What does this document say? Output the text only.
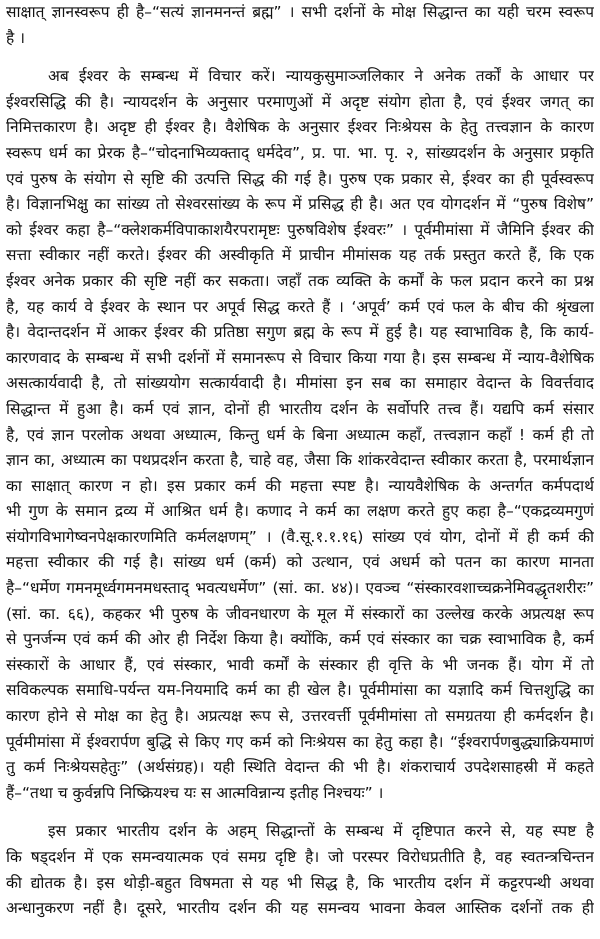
साक्षात् ज्ञानस्वरूप ही है–“सत्यं ज्ञानमनन्तं ब्रह्म” । सभी दर्शनों के मोक्ष सिद्धान्त का यही चरम स्वरूप
है ।
अब ईश्वर के सम्बन्ध में विचार करें। न्यायकुसुमाञ्जलिकार ने अनेक तर्कों के आधार पर
ईश्वरसिद्धि की है। न्यायदर्शन के अनुसार परमाणुओं में अदृष्ट संयोग होता है, एवं ईश्वर जगत् का
निमित्तकारण है। अदृष्ट ही ईश्वर है। वैशेषिक के अनुसार ईश्वर निःश्रेयस के हेतु तत्त्वज्ञान के कारण
स्वरूप धर्म का प्रेरक है–“चोदनाभिव्यक्ताद् धर्मदेव”, प्र. पा. भा. पृ. २, सांख्यदर्शन के अनुसार प्रकृति
एवं पुरुष के संयोग से सृष्टि की उत्पत्ति सिद्ध की गई है। पुरुष एक प्रकार से, ईश्वर का ही पूर्वस्वरूप
है। विज्ञानभिक्षु का सांख्य तो सेश्वरसांख्य के रूप में प्रसिद्ध ही है। अत एव योगदर्शन में “पुरुष विशेष”
को ईश्वर कहा है–“क्लेशकर्मविपाकाशयैरपरामृष्टः पुरुषविशेष ईश्वरः” । पूर्वमीमांसा में जैमिनि ईश्वर की
सत्ता स्वीकार नहीं करते। ईश्वर की अस्वीकृति में प्राचीन मीमांसक यह तर्क प्रस्तुत करते हैं, कि एक
ईश्वर अनेक प्रकार की सृष्टि नहीं कर सकता। जहाँ तक व्यक्ति के कर्मों के फल प्रदान करने का प्रश्न
है, यह कार्य वे ईश्वर के स्थान पर अपूर्व सिद्ध करते हैं । ‘अपूर्व’ कर्म एवं फल के बीच की श्रृंखला
है। वेदान्तदर्शन में आकर ईश्वर की प्रतिष्ठा सगुण ब्रह्म के रूप में हुई है। यह स्वाभाविक है, कि कार्य-
कारणवाद के सम्बन्ध में सभी दर्शनों में समानरूप से विचार किया गया है। इस सम्बन्ध में न्याय-वैशेषिक
असत्कार्यवादी है, तो सांख्ययोग सत्कार्यवादी है। मीमांसा इन सब का समाहार वेदान्त के विवर्त्तवाद
सिद्धान्त में हुआ है। कर्म एवं ज्ञान, दोनों ही भारतीय दर्शन के सर्वोपरि तत्त्व हैं। यद्यपि कर्म संसार
है, एवं ज्ञान परलोक अथवा अध्यात्म, किन्तु धर्म के बिना अध्यात्म कहाँ, तत्त्वज्ञान कहाँ ! कर्म ही तो
ज्ञान का, अध्यात्म का पथप्रदर्शन करता है, चाहे वह, जैसा कि शांकरवेदान्त स्वीकार करता है, परमार्थज्ञान
का साक्षात् कारण न हो। इस प्रकार कर्म की महत्ता स्पष्ट है। न्यायवैशेषिक के अन्तर्गत कर्मपदार्थ
भी गुण के समान द्रव्य में आश्रित धर्म है। कणाद ने कर्म का लक्षण करते हुए कहा है–“एकद्रव्यमगुणं
संयोगविभागेष्वनपेक्षकारणमिति कर्मलक्षणम्” । (वै.सू.१.१.१६) सांख्य एवं योग, दोनों में ही कर्म की
महत्ता स्वीकार की गई है। सांख्य धर्म (कर्म) को उत्थान, एवं अधर्म को पतन का कारण मानता
है–“धर्मेण गमनमूर्ध्वगमनमधस्ताद् भवत्यधर्मेण” (सां. का. ४४)। एवञ्च “संस्कारवशाच्चक्रनेमिवद्धृतशरीरः”
(सां. का. ६६), कहकर भी पुरुष के जीवनधारण के मूल में संस्कारों का उल्लेख करके अप्रत्यक्ष रूप
से पुनर्जन्म एवं कर्म की ओर ही निर्देश किया है। क्योंकि, कर्म एवं संस्कार का चक्र स्वाभाविक है, कर्म
संस्कारों के आधार हैं, एवं संस्कार, भावी कर्मों के संस्कार ही वृत्ति के भी जनक हैं। योग में तो
सविकल्पक समाधि-पर्यन्त यम-नियमादि कर्म का ही खेल है। पूर्वमीमांसा का यज्ञादि कर्म चित्तशुद्धि का
कारण होने से मोक्ष का हेतु है। अप्रत्यक्ष रूप से, उत्तरवर्त्ती पूर्वमीमांसा तो समग्रतया ही कर्मदर्शन है।
पूर्वमीमांसा में ईश्वरार्पण बुद्धि से किए गए कर्म को निःश्रेयस का हेतु कहा है। “ईश्वरार्पणबुद्ध्याक्रियमाणं
तु कर्म निःश्रेयसहेतुः” (अर्थसंग्रह)। यही स्थिति वेदान्त की भी है। शंकराचार्य उपदेशसाहस्री में कहते
हैं–“तथा च कुर्वन्नपि निष्क्रियश्च यः स आत्मविन्नान्य इतीह निश्चयः” ।
इस प्रकार भारतीय दर्शन के अहम् सिद्धान्तों के सम्बन्ध में दृष्टिपात करने से, यह स्पष्ट है
कि षड्दर्शन में एक समन्वयात्मक एवं समग्र दृष्टि है। जो परस्पर विरोधप्रतीति है, वह स्वतन्त्रचिन्तन
की द्योतक है। इस थोड़ी-बहुत विषमता से यह भी सिद्ध है, कि भारतीय दर्शन में कट्टरपन्थी अथवा
अन्धानुकरण नहीं है। दूसरे, भारतीय दर्शन की यह समन्वय भावना केवल आस्तिक दर्शनों तक ही
